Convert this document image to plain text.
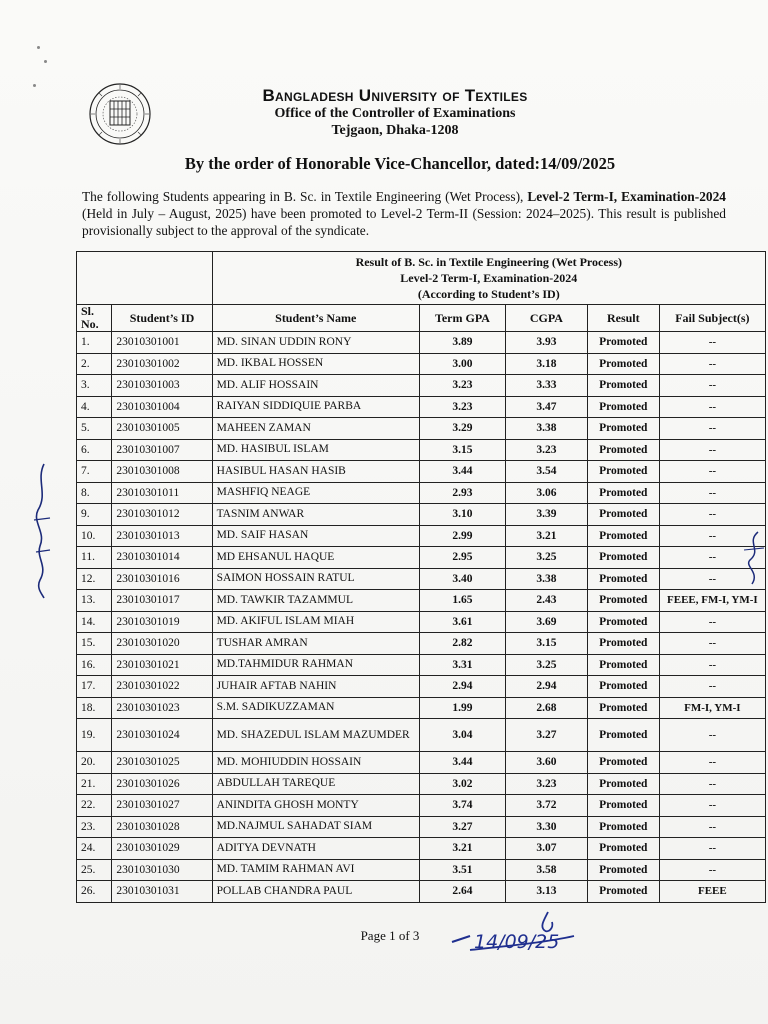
Bangladesh University of Textiles
Office of the Controller of Examinations
Tejgaon, Dhaka-1208
By the order of Honorable Vice-Chancellor, dated:14/09/2025
The following Students appearing in B. Sc. in Textile Engineering (Wet Process), Level-2 Term-I, Examination-2024 (Held in July – August, 2025) have been promoted to Level-2 Term-II (Session: 2024–2025). This result is published provisionally subject to the approval of the syndicate.

		Result of B. Sc. in Textile Engineering (Wet Process)
Level-2 Term-I, Examination-2024
(According to Student’s ID)				

Sl. No.	Student’s ID	Student’s Name	Term GPA	CGPA	Result	Fail Subject(s)
1.	23010301001	MD. SINAN UDDIN RONY	3.89	3.93	Promoted	--
2.	23010301002	MD. IKBAL HOSSEN	3.00	3.18	Promoted	--
3.	23010301003	MD. ALIF HOSSAIN	3.23	3.33	Promoted	--
4.	23010301004	RAIYAN SIDDIQUIE PARBA	3.23	3.47	Promoted	--
5.	23010301005	MAHEEN ZAMAN	3.29	3.38	Promoted	--
6.	23010301007	MD. HASIBUL ISLAM	3.15	3.23	Promoted	--
7.	23010301008	HASIBUL HASAN HASIB	3.44	3.54	Promoted	--
8.	23010301011	MASHFIQ NEAGE	2.93	3.06	Promoted	--
9.	23010301012	TASNIM ANWAR	3.10	3.39	Promoted	--
10.	23010301013	MD. SAIF HASAN	2.99	3.21	Promoted	--
11.	23010301014	MD EHSANUL HAQUE	2.95	3.25	Promoted	--
12.	23010301016	SAIMON HOSSAIN RATUL	3.40	3.38	Promoted	--
13.	23010301017	MD. TAWKIR TAZAMMUL	1.65	2.43	Promoted	FEEE, FM-I, YM-I
14.	23010301019	MD. AKIFUL ISLAM MIAH	3.61	3.69	Promoted	--
15.	23010301020	TUSHAR AMRAN	2.82	3.15	Promoted	--
16.	23010301021	MD.TAHMIDUR RAHMAN	3.31	3.25	Promoted	--
17.	23010301022	JUHAIR AFTAB NAHIN	2.94	2.94	Promoted	--
18.	23010301023	S.M. SADIKUZZAMAN	1.99	2.68	Promoted	FM-I, YM-I
19.	23010301024	MD. SHAZEDUL ISLAM MAZUMDER	3.04	3.27	Promoted	--
20.	23010301025	MD. MOHIUDDIN HOSSAIN	3.44	3.60	Promoted	--
21.	23010301026	ABDULLAH TAREQUE	3.02	3.23	Promoted	--
22.	23010301027	ANINDITA GHOSH MONTY	3.74	3.72	Promoted	--
23.	23010301028	MD.NAJMUL SAHADAT SIAM	3.27	3.30	Promoted	--
24.	23010301029	ADITYA DEVNATH	3.21	3.07	Promoted	--
25.	23010301030	MD. TAMIM RAHMAN AVI	3.51	3.58	Promoted	--
26.	23010301031	POLLAB CHANDRA PAUL	2.64	3.13	Promoted	FEEE
Page 1 of 3	14/09/25
